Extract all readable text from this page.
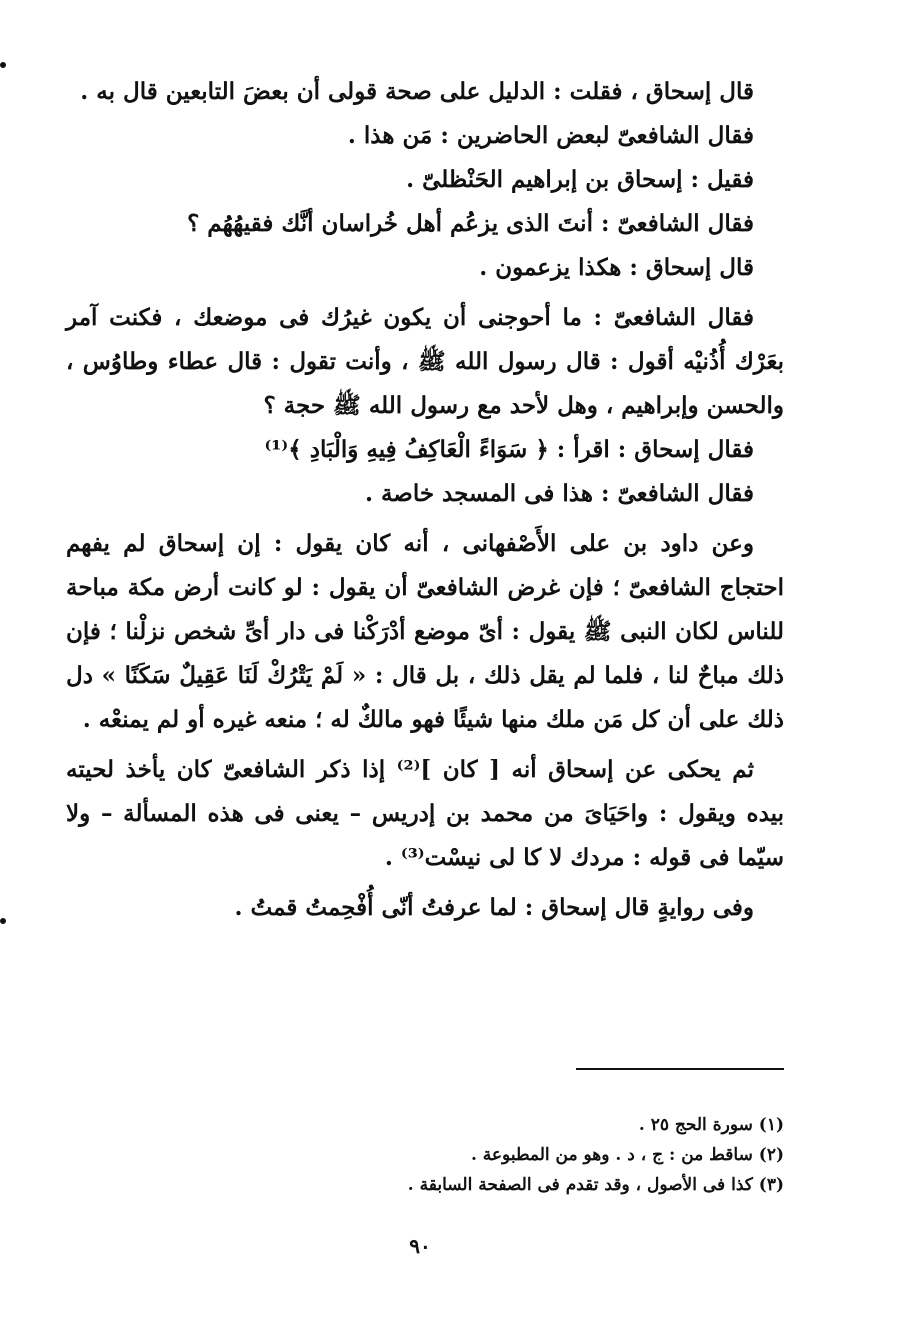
قال إسحاق ، فقلت : الدليل على صحة قولى أن بعضَ التابعين قال به .

فقال الشافعىّ لبعض الحاضرين : مَن هذا .

فقيل : إسحاق بن إبراهيم الحَنْظلىّ .

فقال الشافعىّ : أنتَ الذى يزعُم أهل خُراسان أنَّك فقيهُهُم ؟

قال إسحاق : هكذا يزعمون .

فقال الشافعىّ : ما أحوجنى أن يكون غيرُك فى موضعك ، فكنت آمر بعَرْك أُذُنيْه أقول : قال رسول الله ﷺ ، وأنت تقول : قال عطاء وطاوُس ، والحسن وإبراهيم ، وهل لأحد مع رسول الله ﷺ حجة ؟

فقال إسحاق : اقرأ : ﴿ سَوَاءً الْعَاكِفُ فِيهِ وَالْبَادِ ﴾⁽¹⁾

فقال الشافعىّ : هذا فى المسجد خاصة .

وعن داود بن على الأَصْفهانى ، أنه كان يقول : إن إسحاق لم يفهم احتجاج الشافعىّ ؛ فإن غرض الشافعىّ أن يقول : لو كانت أرض مكة مباحة للناس لكان النبى ﷺ يقول : أىّ موضع أدْرَكْنا فى دار أىِّ شخص نزلْنا ؛ فإن ذلك مباحٌ لنا ، فلما لم يقل ذلك ، بل قال : « لَمْ يَتْرُكْ لَنَا عَقِيلٌ سَكَنًا » دل ذلك على أن كل مَن ملك منها شيئًا فهو مالكٌ له ؛ منعه غيره أو لم يمنعْه .

ثم يحكى عن إسحاق أنه [ كان ]⁽²⁾ إذا ذكر الشافعىّ كان يأخذ لحيته بيده ويقول : واحَيَاىَ من محمد بن إدريس – يعنى فى هذه المسألة – ولا سيّما فى قوله : مردك لا كا لى نيسْت⁽³⁾ .

وفى روايةٍ قال إسحاق : لما عرفتُ أنّى أُفْحِمتُ قمتُ .

(١) سورة الحج ٢٥ .

(٢) ساقط من : ج ، د . وهو من المطبوعة .

(٣) كذا فى الأصول ، وقد تقدم فى الصفحة السابقة .

٩٠
